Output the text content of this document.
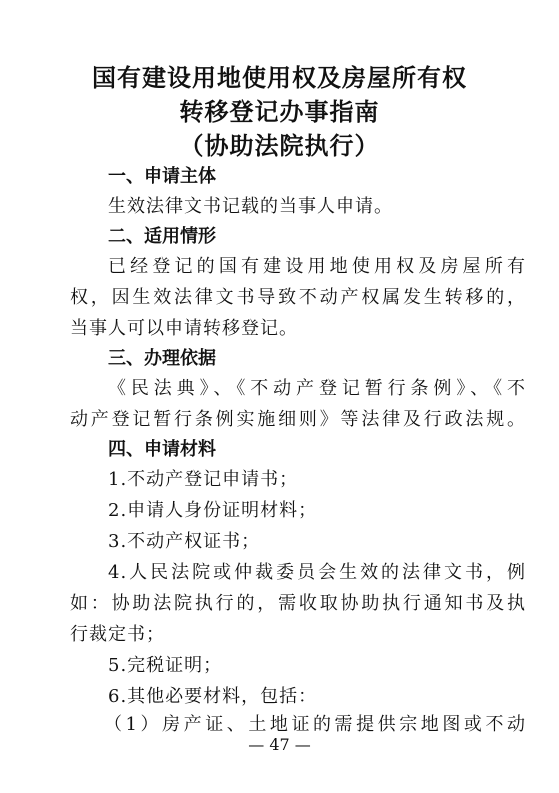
国有建设用地使用权及房屋所有权
转移登记办事指南
（协助法院执行）
一、申请主体
生效法律文书记载的当事人申请。
二、适用情形
已经登记的国有建设用地使用权及房屋所有
权，因生效法律文书导致不动产权属发生转移的，
当事人可以申请转移登记。
三、办理依据
《民法典》、《不动产登记暂行条例》、《不
动产登记暂行条例实施细则》等法律及行政法规。
四、申请材料
1.不动产登记申请书；
2.申请人身份证明材料；
3.不动产权证书；
4.人民法院或仲裁委员会生效的法律文书，例
如：协助法院执行的，需收取协助执行通知书及执
行裁定书；
5.完税证明；
6.其他必要材料，包括：
（1）房产证、土地证的需提供宗地图或不动
— 47 —
